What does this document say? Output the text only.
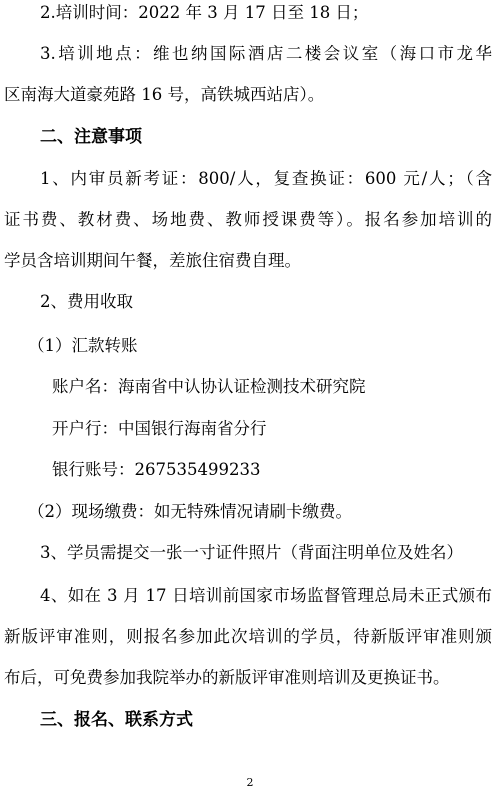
2.培训时间：2022 年 3 月 17 日至 18 日；
3.培训地点：维也纳国际酒店二楼会议室（海口市龙华
区南海大道豪苑路 16 号，高铁城西站店）。
二、注意事项
1、内审员新考证：800/人，复查换证：600 元/人；（含
证书费、教材费、场地费、教师授课费等）。报名参加培训的
学员含培训期间午餐，差旅住宿费自理。
2、费用收取
（1）汇款转账
账户名：海南省中认协认证检测技术研究院
开户行：中国银行海南省分行
银行账号：267535499233
（2）现场缴费：如无特殊情况请刷卡缴费。
3、学员需提交一张一寸证件照片（背面注明单位及姓名）
4、如在 3 月 17 日培训前国家市场监督管理总局未正式颁布
新版评审准则，则报名参加此次培训的学员，待新版评审准则颁
布后，可免费参加我院举办的新版评审准则培训及更换证书。
三、报名、联系方式
2
